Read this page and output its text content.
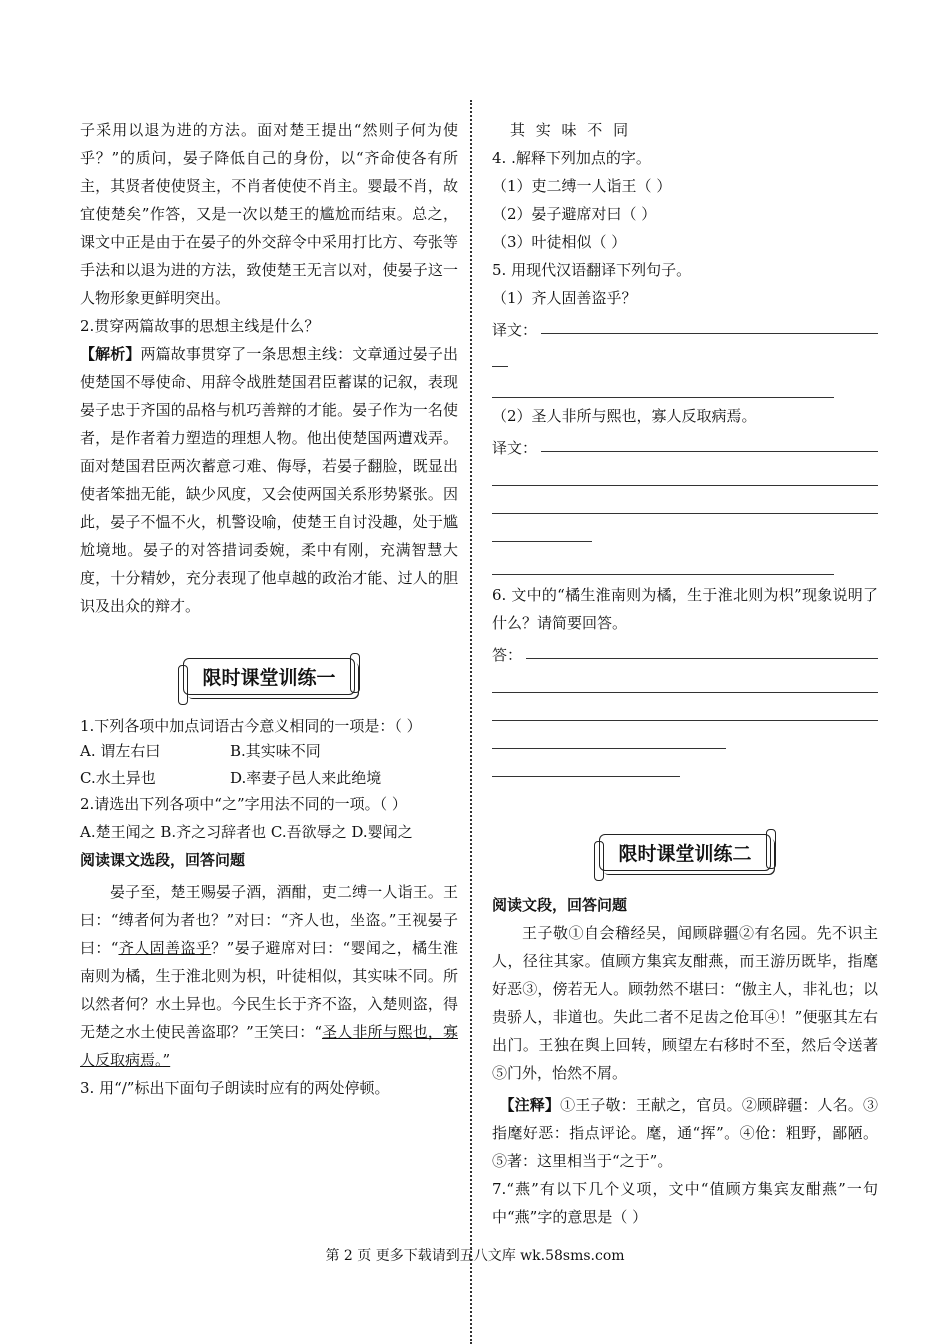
子采用以退为进的方法。面对楚王提出“然则子何为使乎？”的质问，晏子降低自己的身份，以“齐命使各有所主，其贤者使使贤主，不肖者使使不肖主。婴最不肖，故宜使楚矣”作答，又是一次以楚王的尴尬而结束。总之，课文中正是由于在晏子的外交辞令中采用打比方、夸张等手法和以退为进的方法，致使楚王无言以对，使晏子这一人物形象更鲜明突出。

2.贯穿两篇故事的思想主线是什么？

【解析】两篇故事贯穿了一条思想主线：文章通过晏子出使楚国不辱使命、用辞令战胜楚国君臣蓄谋的记叙，表现晏子忠于齐国的品格与机巧善辩的才能。晏子作为一名使者，是作者着力塑造的理想人物。他出使楚国两遭戏弄。面对楚国君臣两次蓄意刁难、侮辱，若晏子翻脸，既显出使者笨拙无能，缺少风度，又会使两国关系形势紧张。因此，晏子不愠不火，机警设喻，使楚王自讨没趣，处于尴尬境地。晏子的对答措词委婉，柔中有刚，充满智慧大度，十分精妙，充分表现了他卓越的政治才能、过人的胆识及出众的辩才。

限时课堂训练一

1.下列各项中加点词语古今意义相同的一项是：（ ）

A. 谓左右曰	B.其实味不同
C.水土异也	D.率妻子邑人来此绝境

2.请选出下列各项中“之”字用法不同的一项。（ ）

A.楚王闻之 B.齐之习辞者也 C.吾欲辱之 D.婴闻之

阅读课文选段，回答问题

晏子至，楚王赐晏子酒，酒酣，吏二缚一人诣王。王曰：“缚者何为者也？”对曰：“齐人也，坐盗。”王视晏子曰：“齐人固善盗乎？”晏子避席对曰：“婴闻之，橘生淮南则为橘，生于淮北则为枳，叶徒相似，其实味不同。所以然者何？水土异也。今民生长于齐不盗，入楚则盗，得无楚之水土使民善盗耶？”王笑曰：“圣人非所与熙也，寡人反取病焉。”

3. 用“/”标出下面句子朗读时应有的两处停顿。

其 实 味 不 同

4. .解释下列加点的字。

（1）吏二缚一人诣王（ ）

（2）晏子避席对曰（ ）

（3）叶徒相似（ ）

5. 用现代汉语翻译下列句子。

（1）齐人固善盗乎？

译文：

（2）圣人非所与熙也，寡人反取病焉。

译文：

6. 文中的“橘生淮南则为橘，生于淮北则为枳”现象说明了什么？请简要回答。

答：
限时课堂训练二

阅读文段，回答问题

王子敬①自会稽经吴，闻顾辟疆②有名园。先不识主人，径往其家。值顾方集宾友酣燕，而王游历既毕，指麾好恶③，傍若无人。顾勃然不堪曰：“傲主人，非礼也；以贵骄人，非道也。失此二者不足齿之伧耳④！”便驱其左右出门。王独在舆上回转，顾望左右移时不至，然后令送著⑤门外，怡然不屑。

【注释】①王子敬：王献之，官员。②顾辟疆：人名。③指麾好恶：指点评论。麾，通“挥”。④伧：粗野，鄙陋。⑤著：这里相当于“之于”。

7.“燕”有以下几个义项，文中“值顾方集宾友酣燕”一句中“燕”字的意思是（ ）

第 2 页 更多下载请到五八文库 wk.58sms.com
